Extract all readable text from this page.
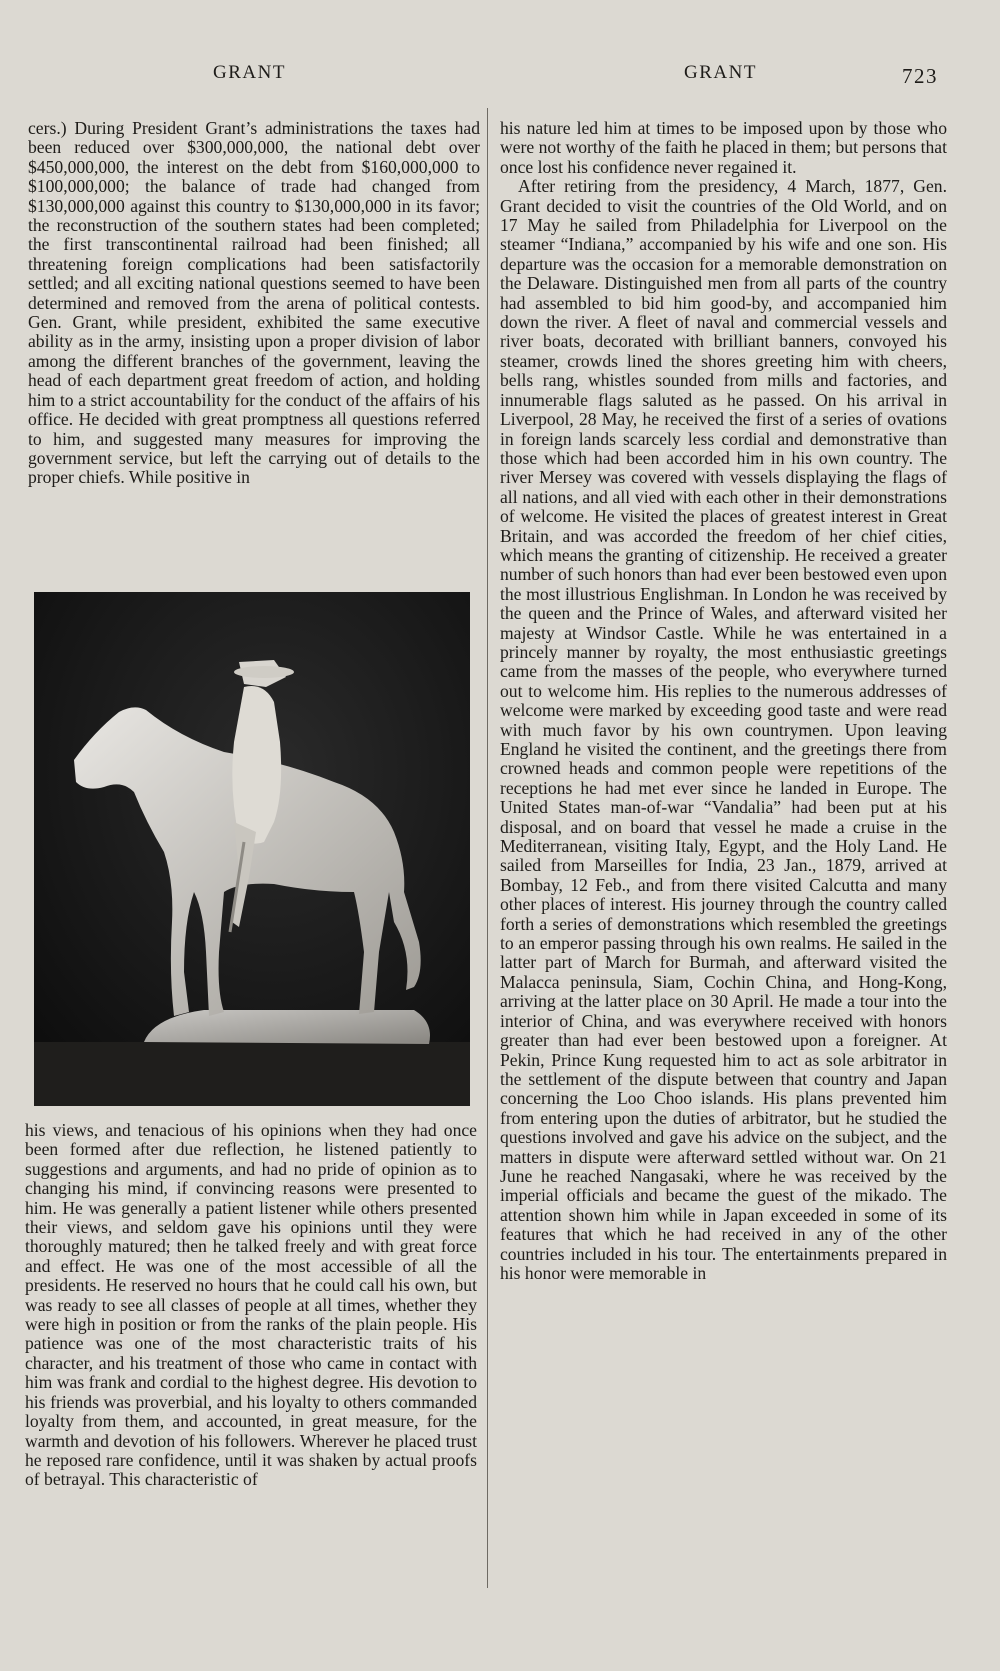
GRANT	GRANT	723

cers.) During President Grant’s administrations the taxes had been reduced over $300,000,000, the national debt over $450,000,000, the interest on the debt from $160,000,000 to $100,000,000; the balance of trade had changed from $130,000,000 against this country to $130,000,000 in its favor; the reconstruction of the southern states had been completed; the first transcontinental railroad had been finished; all threatening foreign complications had been satisfactorily settled; and all exciting national questions seemed to have been determined and removed from the arena of political contests. Gen. Grant, while president, exhibited the same executive ability as in the army, insisting upon a proper division of labor among the different branches of the government, leaving the head of each department great freedom of action, and holding him to a strict accountability for the conduct of the affairs of his office. He decided with great promptness all questions referred to him, and suggested many measures for improving the government service, but left the carrying out of details to the proper chiefs. While positive in

his views, and tenacious of his opinions when they had once been formed after due reflection, he listened patiently to suggestions and arguments, and had no pride of opinion as to changing his mind, if convincing reasons were presented to him. He was generally a patient listener while others presented their views, and seldom gave his opinions until they were thoroughly matured; then he talked freely and with great force and effect. He was one of the most accessible of all the presidents. He reserved no hours that he could call his own, but was ready to see all classes of people at all times, whether they were high in position or from the ranks of the plain people. His patience was one of the most characteristic traits of his character, and his treatment of those who came in contact with him was frank and cordial to the highest degree. His devotion to his friends was proverbial, and his loyalty to others commanded loyalty from them, and accounted, in great measure, for the warmth and devotion of his followers. Wherever he placed trust he reposed rare confidence, until it was shaken by actual proofs of betrayal. This characteristic of

his nature led him at times to be imposed upon by those who were not worthy of the faith he placed in them; but persons that once lost his confidence never regained it.

After retiring from the presidency, 4 March, 1877, Gen. Grant decided to visit the countries of the Old World, and on 17 May he sailed from Philadelphia for Liverpool on the steamer “Indiana,” accompanied by his wife and one son. His departure was the occasion for a memorable demonstration on the Delaware. Distinguished men from all parts of the country had assembled to bid him good-by, and accompanied him down the river. A fleet of naval and commercial vessels and river boats, decorated with brilliant banners, convoyed his steamer, crowds lined the shores greeting him with cheers, bells rang, whistles sounded from mills and factories, and innumerable flags saluted as he passed. On his arrival in Liverpool, 28 May, he received the first of a series of ovations in foreign lands scarcely less cordial and demonstrative than those which had been accorded him in his own country. The river Mersey was covered with vessels displaying the flags of all nations, and all vied with each other in their demonstrations of welcome. He visited the places of greatest interest in Great Britain, and was accorded the freedom of her chief cities, which means the granting of citizenship. He received a greater number of such honors than had ever been bestowed even upon the most illustrious Englishman. In London he was received by the queen and the Prince of Wales, and afterward visited her majesty at Windsor Castle. While he was entertained in a princely manner by royalty, the most enthusiastic greetings came from the masses of the people, who everywhere turned out to welcome him. His replies to the numerous addresses of welcome were marked by exceeding good taste and were read with much favor by his own countrymen. Upon leaving England he visited the continent, and the greetings there from crowned heads and common people were repetitions of the receptions he had met ever since he landed in Europe. The United States man-of-war “Vandalia” had been put at his disposal, and on board that vessel he made a cruise in the Mediterranean, visiting Italy, Egypt, and the Holy Land. He sailed from Marseilles for India, 23 Jan., 1879, arrived at Bombay, 12 Feb., and from there visited Calcutta and many other places of interest. His journey through the country called forth a series of demonstrations which resembled the greetings to an emperor passing through his own realms. He sailed in the latter part of March for Burmah, and afterward visited the Malacca peninsula, Siam, Cochin China, and Hong-Kong, arriving at the latter place on 30 April. He made a tour into the interior of China, and was everywhere received with honors greater than had ever been bestowed upon a foreigner. At Pekin, Prince Kung requested him to act as sole arbitrator in the settlement of the dispute between that country and Japan concerning the Loo Choo islands. His plans prevented him from entering upon the duties of arbitrator, but he studied the questions involved and gave his advice on the subject, and the matters in dispute were afterward settled without war. On 21 June he reached Nangasaki, where he was received by the imperial officials and became the guest of the mikado. The attention shown him while in Japan exceeded in some of its features that which he had received in any of the other countries included in his tour. The entertainments prepared in his honor were memorable in
